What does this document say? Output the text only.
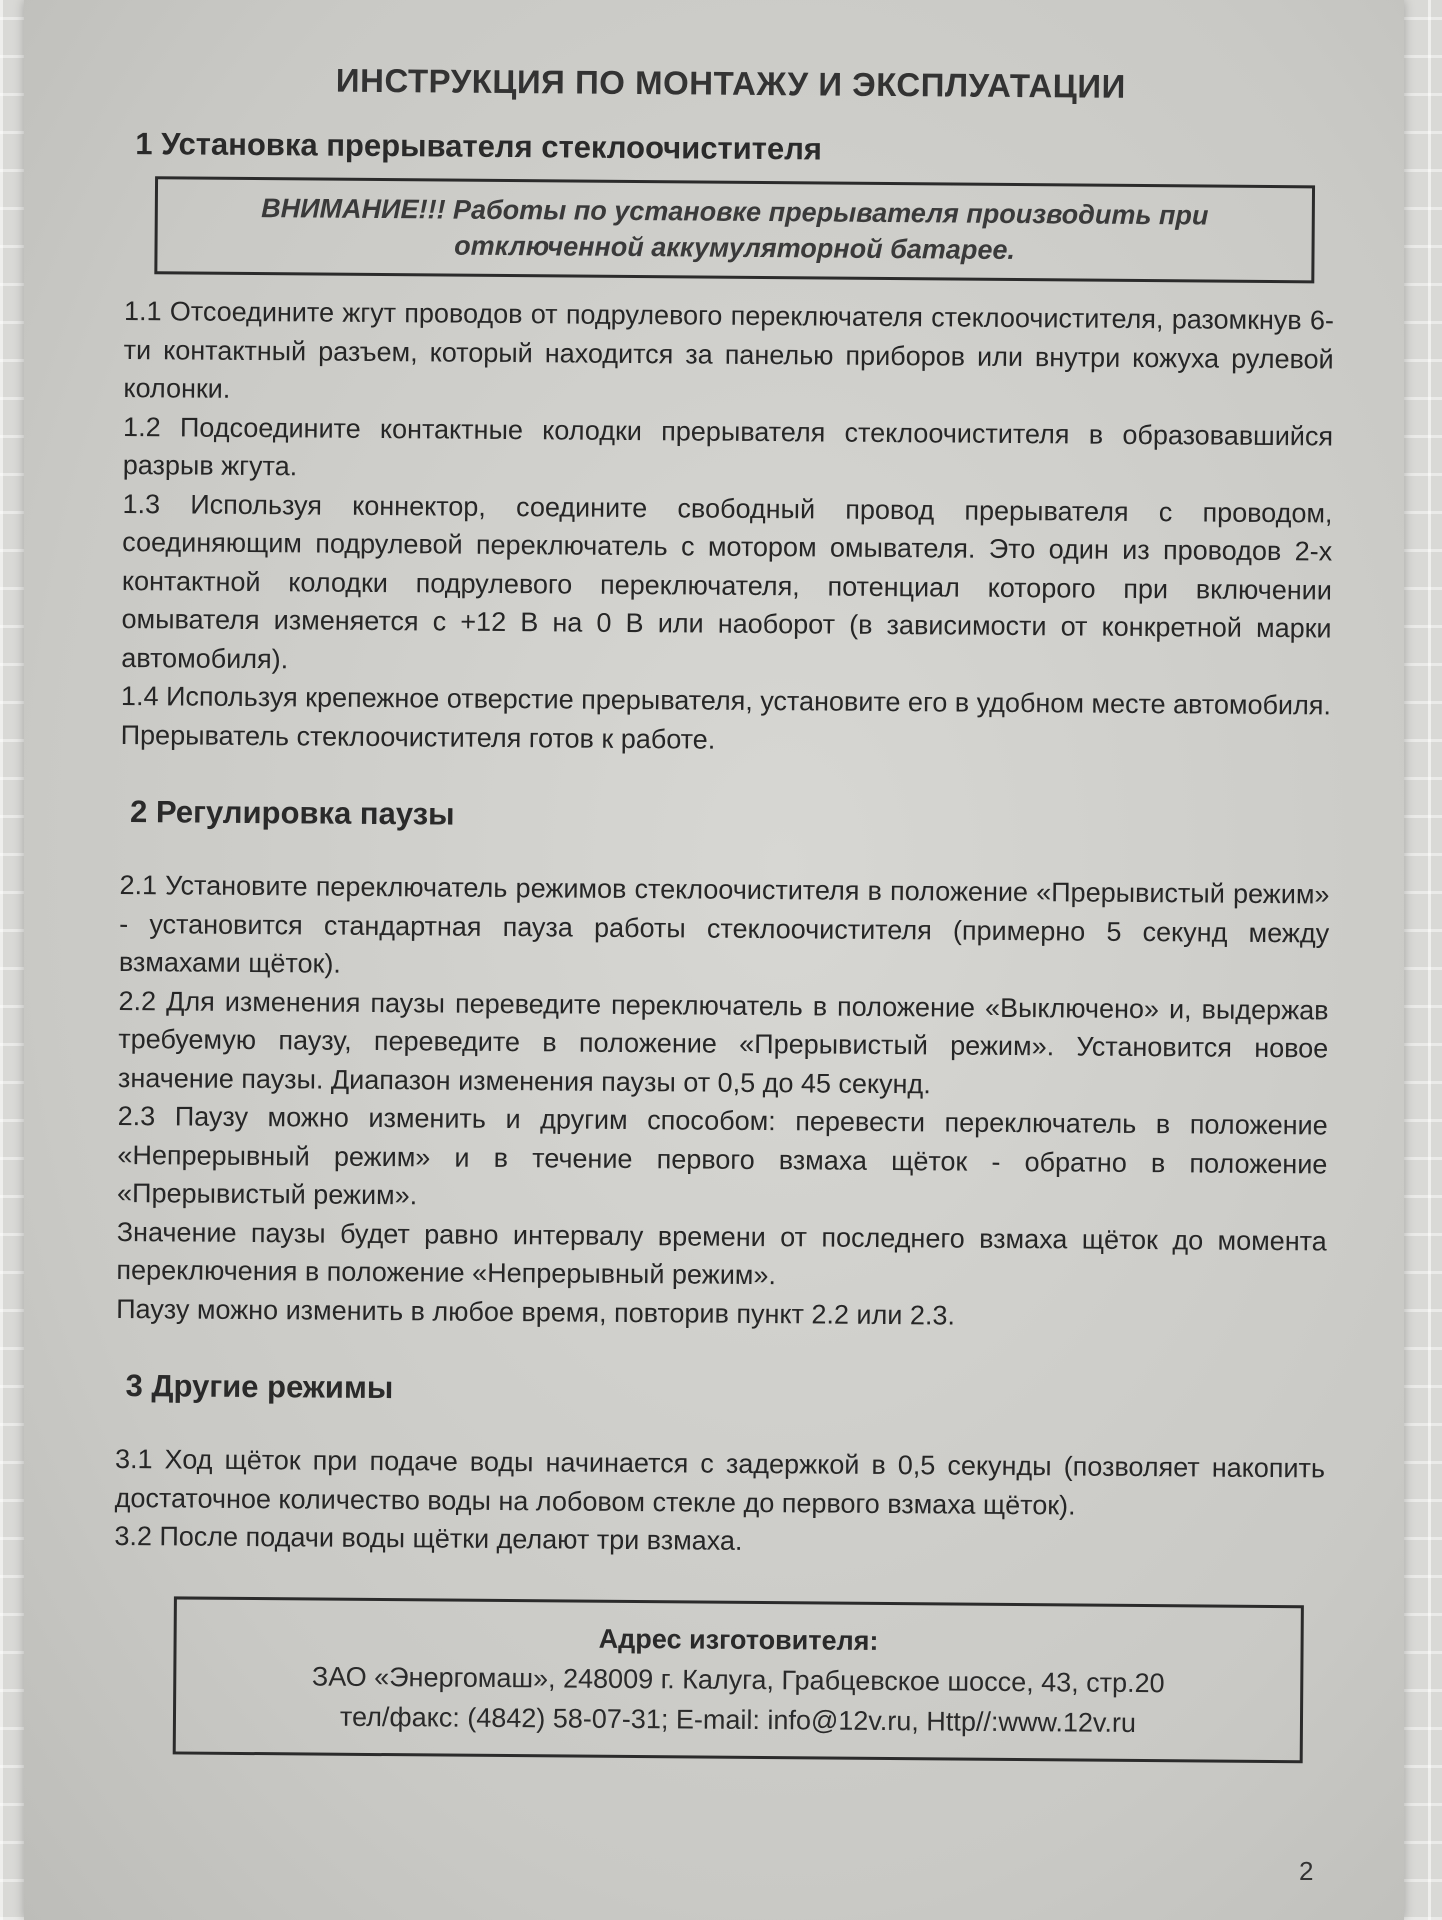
ИНСТРУКЦИЯ ПО МОНТАЖУ И ЭКСПЛУАТАЦИИ
1 Установка прерывателя стеклоочистителя
ВНИМАНИЕ!!! Работы по установке прерывателя производить при отключенной аккумуляторной батарее.

1.1 Отсоедините жгут проводов от подрулевого переключателя стеклоочистителя, разомкнув 6-ти контактный разъем, который находится за панелью приборов или внутри кожуха рулевой колонки.

1.2 Подсоедините контактные колодки прерывателя стеклоочистителя в образовавшийся разрыв жгута.

1.3 Используя коннектор, соедините свободный провод прерывателя с проводом, соединяющим подрулевой переключатель с мотором омывателя. Это один из проводов 2-х контактной колодки подрулевого переключателя, потенциал которого при включении омывателя изменяется с +12 В на 0 В или наоборот (в зависимости от конкретной марки автомобиля).

1.4 Используя крепежное отверстие прерывателя, установите его в удобном месте автомобиля. Прерыватель стеклоочистителя готов к работе.

2 Регулировка паузы

2.1 Установите переключатель режимов стеклоочистителя в положение «Прерывистый режим» - установится стандартная пауза работы стеклоочистителя (примерно 5 секунд между взмахами щёток).

2.2 Для изменения паузы переведите переключатель в положение «Выключено» и, выдержав требуемую паузу, переведите в положение «Прерывистый режим». Установится новое значение паузы. Диапазон изменения паузы от 0,5 до 45 секунд.

2.3 Паузу можно изменить и другим способом: перевести переключатель в положение «Непрерывный режим» и в течение первого взмаха щёток - обратно в положение «Прерывистый режим».

Значение паузы будет равно интервалу времени от последнего взмаха щёток до момента переключения в положение «Непрерывный режим».

Паузу можно изменить в любое время, повторив пункт 2.2 или 2.3.

3 Другие режимы

3.1 Ход щёток при подаче воды начинается с задержкой в 0,5 секунды (позволяет накопить достаточное количество воды на лобовом стекле до первого взмаха щёток).

3.2 После подачи воды щётки делают три взмаха.

Адрес изготовителя:
ЗАО «Энергомаш», 248009 г. Калуга, Грабцевское шоссе, 43, стр.20
тел/факс: (4842) 58-07-31; E-mail: info@12v.ru, Http//:www.12v.ru
2
